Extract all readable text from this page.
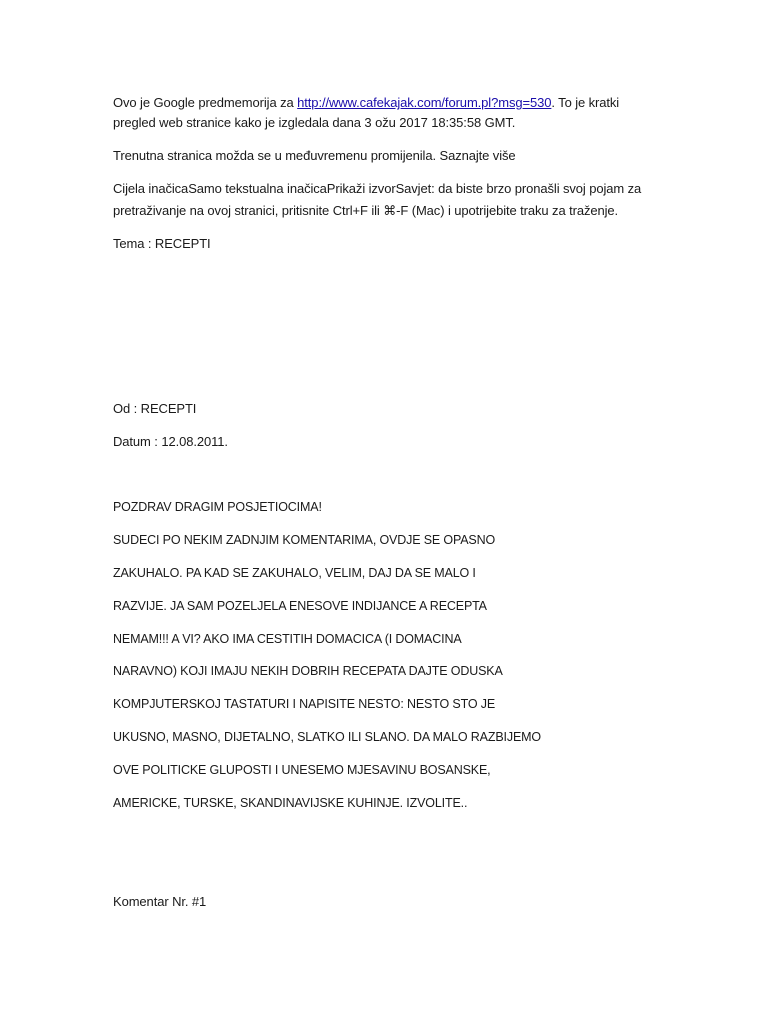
Ovo je Google predmemorija za http://www.cafekajak.com/forum.pl?msg=530. To je kratki
pregled web stranice kako je izgledala dana 3 ožu 2017 18:35:58 GMT.
Trenutna stranica možda se u međuvremenu promijenila. Saznajte više
Cijela inačicaSamo tekstualna inačicaPrikaži izvorSavjet: da biste brzo pronašli svoj pojam za
pretraživanje na ovoj stranici, pritisnite Ctrl+F ili ⌘-F (Mac) i upotrijebite traku za traženje.
Tema : RECEPTI
Od : RECEPTI
Datum : 12.08.2011.
POZDRAV DRAGIM POSJETIOCIMA!
SUDECI PO NEKIM ZADNJIM KOMENTARIMA, OVDJE SE OPASNO
ZAKUHALO. PA KAD SE ZAKUHALO, VELIM, DAJ DA SE MALO I
RAZVIJE. JA SAM POZELJELA ENESOVE INDIJANCE A RECEPTA
NEMAM!!! A VI? AKO IMA CESTITIH DOMACICA (I DOMACINA
NARAVNO) KOJI IMAJU NEKIH DOBRIH RECEPATA DAJTE ODUSKA
KOMPJUTERSKOJ TASTATURI I NAPISITE NESTO: NESTO STO JE
UKUSNO, MASNO, DIJETALNO, SLATKO ILI SLANO. DA MALO RAZBIJEMO
OVE POLITICKE GLUPOSTI I UNESEMO MJESAVINU BOSANSKE,
AMERICKE, TURSKE, SKANDINAVIJSKE KUHINJE. IZVOLITE..
Komentar Nr. #1
